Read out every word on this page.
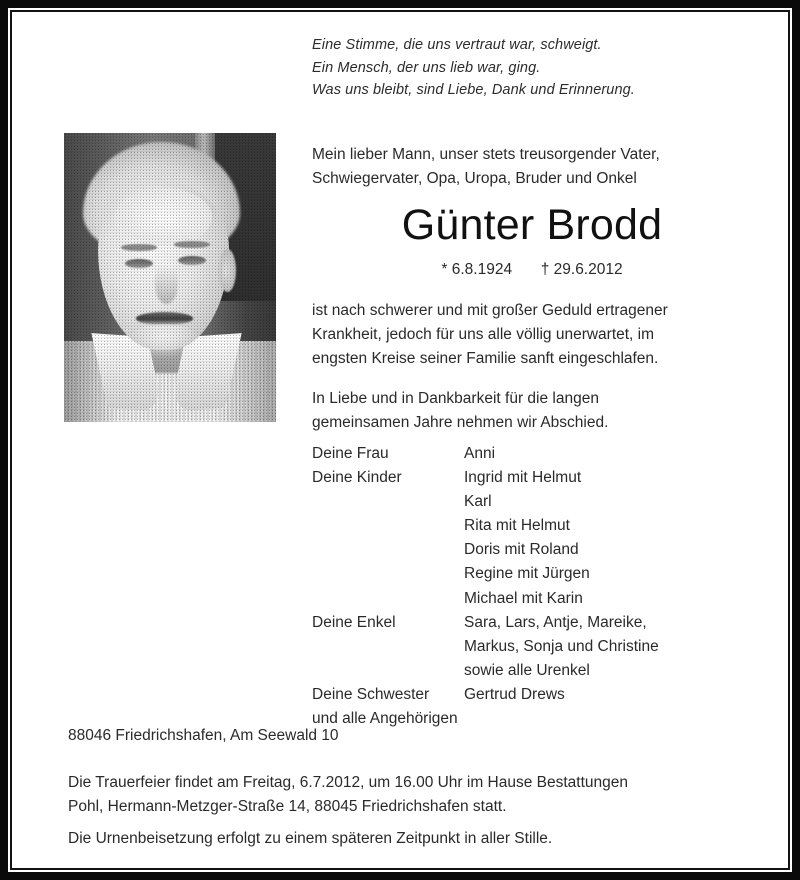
Eine Stimme, die uns vertraut war, schweigt.
Ein Mensch, der uns lieb war, ging.
Was uns bleibt, sind Liebe, Dank und Erinnerung.
Mein lieber Mann, unser stets treusorgender Vater,
Schwiegervater, Opa, Uropa, Bruder und Onkel
Günter Brodd
* 6.8.1924 † 29.6.2012
ist nach schwerer und mit großer Geduld ertragener
Krankheit, jedoch für uns alle völlig unerwartet, im
engsten Kreise seiner Familie sanft eingeschlafen.
In Liebe und in Dankbarkeit für die langen
gemeinsamen Jahre nehmen wir Abschied.
Deine Frau	Anni
Deine Kinder	Ingrid mit Helmut
Karl
Rita mit Helmut
Doris mit Roland
Regine mit Jürgen
Michael mit Karin
Deine Enkel	Sara, Lars, Antje, Mareike,
Markus, Sonja und Christine
sowie alle Urenkel
Deine Schwester	Gertrud Drews
und alle Angehörigen
88046 Friedrichshafen, Am Seewald 10
Die Trauerfeier findet am Freitag, 6.7.2012, um 16.00 Uhr im Hause Bestattungen
Pohl, Hermann-Metzger-Straße 14, 88045 Friedrichshafen statt.
Die Urnenbeisetzung erfolgt zu einem späteren Zeitpunkt in aller Stille.
